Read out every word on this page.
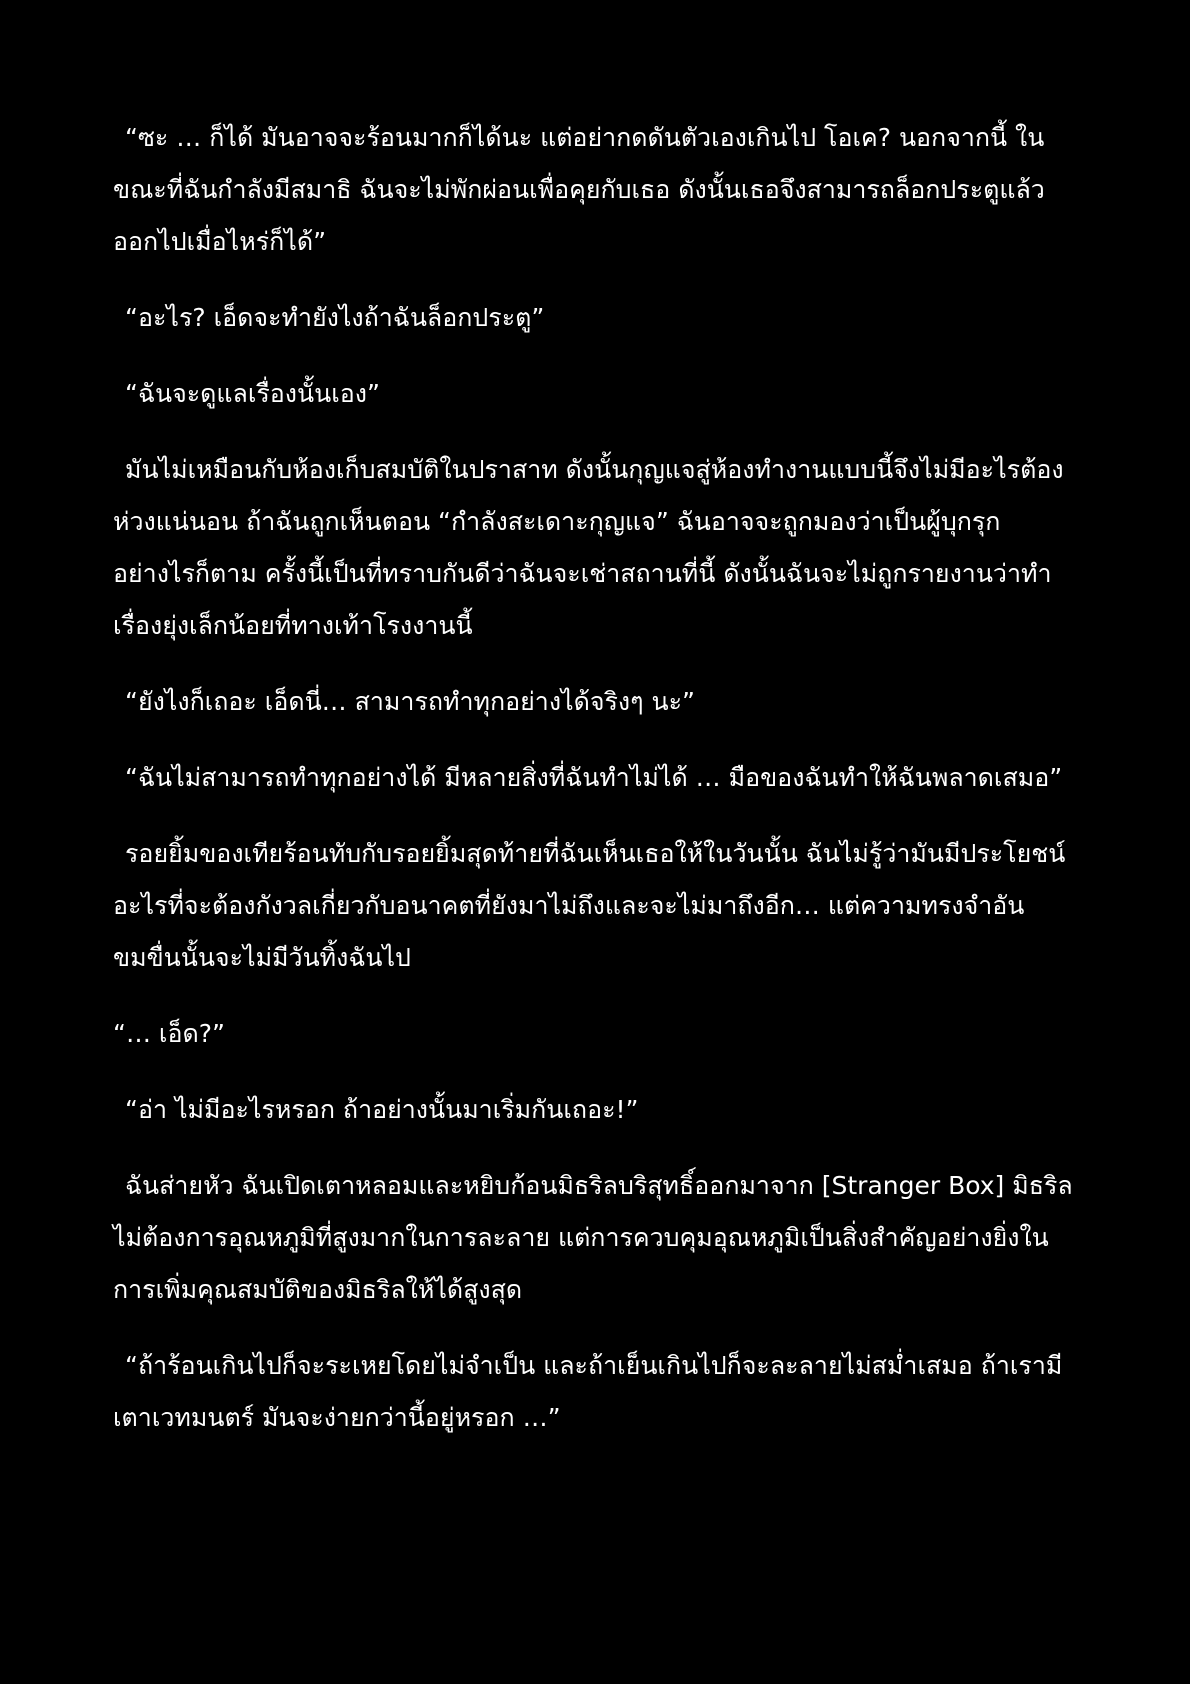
“ซะ … ก็ได้ มันอาจจะร้อนมากก็ได้นะ แต่อย่ากดดันตัวเองเกินไป โอเค? นอกจากนี้ ในขณะที่ฉันกำลังมีสมาธิ ฉันจะไม่พักผ่อนเพื่อคุยกับเธอ ดังนั้นเธอจึงสามารถล็อกประตูแล้วออกไปเมื่อไหร่ก็ได้”

“อะไร? เอ็ดจะทำยังไงถ้าฉันล็อกประตู”

“ฉันจะดูแลเรื่องนั้นเอง”

มันไม่เหมือนกับห้องเก็บสมบัติในปราสาท ดังนั้นกุญแจสู่ห้องทำงานแบบนี้จึงไม่มีอะไรต้องห่วงแน่นอน ถ้าฉันถูกเห็นตอน “กำลังสะเดาะกุญแจ” ฉันอาจจะถูกมองว่าเป็นผู้บุกรุก อย่างไรก็ตาม ครั้งนี้เป็นที่ทราบกันดีว่าฉันจะเช่าสถานที่นี้ ดังนั้นฉันจะไม่ถูกรายงานว่าทำเรื่องยุ่งเล็กน้อยที่ทางเท้าโรงงานนี้

“ยังไงก็เถอะ เอ็ดนี่… สามารถทำทุกอย่างได้จริงๆ นะ”

“ฉันไม่สามารถทำทุกอย่างได้ มีหลายสิ่งที่ฉันทำไม่ได้ … มือของฉันทำให้ฉันพลาดเสมอ”

รอยยิ้มของเทียร้อนทับกับรอยยิ้มสุดท้ายที่ฉันเห็นเธอให้ในวันนั้น ฉันไม่รู้ว่ามันมีประโยชน์อะไรที่จะต้องกังวลเกี่ยวกับอนาคตที่ยังมาไม่ถึงและจะไม่มาถึงอีก… แต่ความทรงจำอันขมขื่นนั้นจะไม่มีวันทิ้งฉันไป

“… เอ็ด?”

“อ่า ไม่มีอะไรหรอก ถ้าอย่างนั้นมาเริ่มกันเถอะ!”

ฉันส่ายหัว ฉันเปิดเตาหลอมและหยิบก้อนมิธริลบริสุทธิ์ออกมาจาก [Stranger Box] มิธริลไม่ต้องการอุณหภูมิที่สูงมากในการละลาย แต่การควบคุมอุณหภูมิเป็นสิ่งสำคัญอย่างยิ่งในการเพิ่มคุณสมบัติของมิธริลให้ได้สูงสุด

“ถ้าร้อนเกินไปก็จะระเหยโดยไม่จำเป็น และถ้าเย็นเกินไปก็จะละลายไม่สม่ำเสมอ ถ้าเรามีเตาเวทมนตร์ มันจะง่ายกว่านี้อยู่หรอก …”
